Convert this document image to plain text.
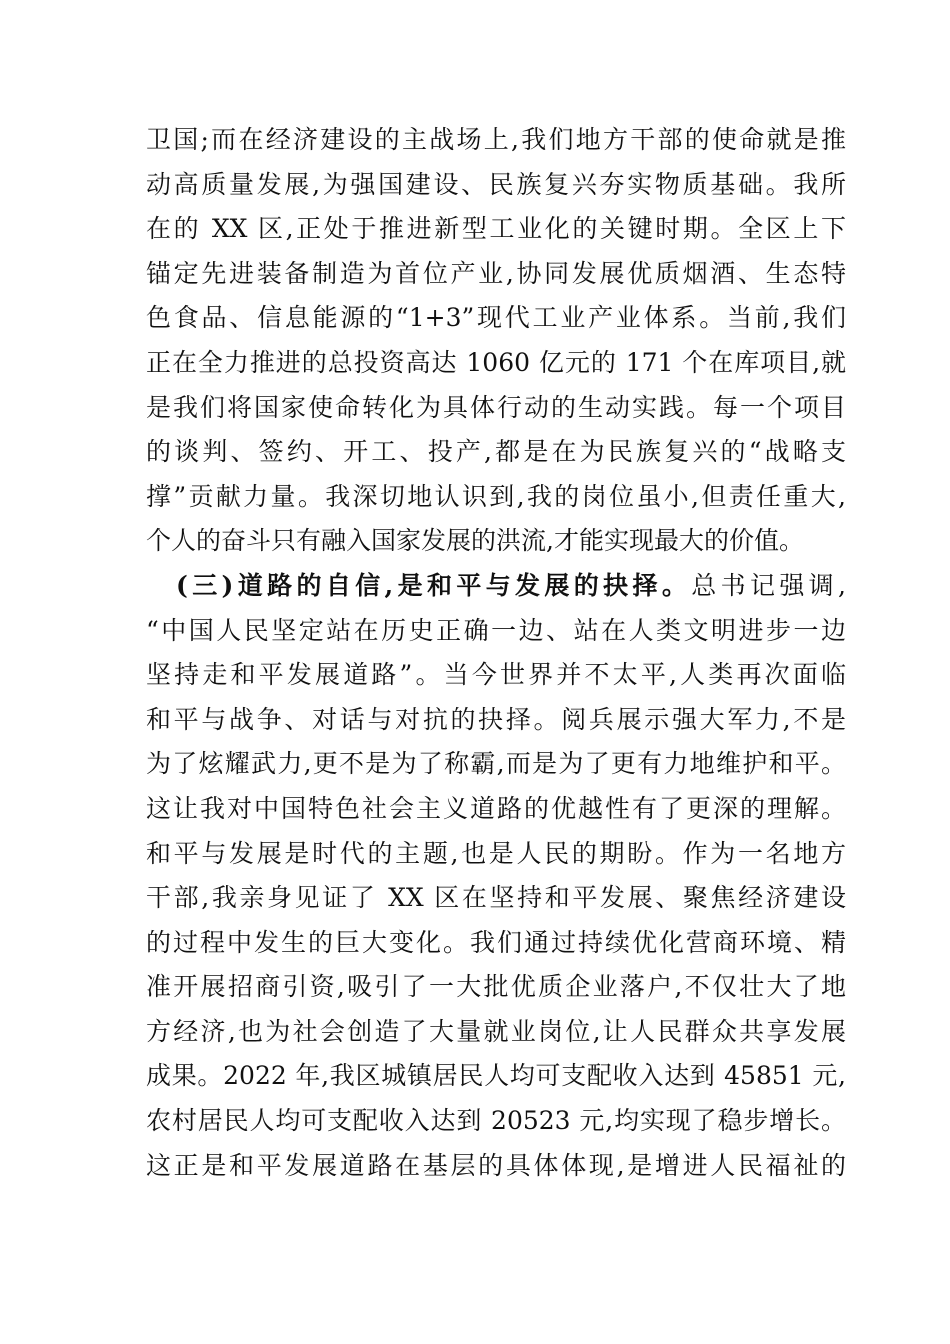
卫国;而在经济建设的主战场上,我们地方干部的使命就是推
动高质量发展,为强国建设、民族复兴夯实物质基础。我所
在的 XX 区,正处于推进新型工业化的关键时期。全区上下
锚定先进装备制造为首位产业,协同发展优质烟酒、生态特
色食品、信息能源的“1+3”现代工业产业体系。当前,我们
正在全力推进的总投资高达 1060 亿元的 171 个在库项目,就
是我们将国家使命转化为具体行动的生动实践。每一个项目
的谈判、签约、开工、投产,都是在为民族复兴的“战略支
撑”贡献力量。我深切地认识到,我的岗位虽小,但责任重大,
个人的奋斗只有融入国家发展的洪流,才能实现最大的价值。
(三)道路的自信,是和平与发展的抉择。总书记强调,
“中国人民坚定站在历史正确一边、站在人类文明进步一边
坚持走和平发展道路”。当今世界并不太平,人类再次面临
和平与战争、对话与对抗的抉择。阅兵展示强大军力,不是
为了炫耀武力,更不是为了称霸,而是为了更有力地维护和平。
这让我对中国特色社会主义道路的优越性有了更深的理解。
和平与发展是时代的主题,也是人民的期盼。作为一名地方
干部,我亲身见证了 XX 区在坚持和平发展、聚焦经济建设
的过程中发生的巨大变化。我们通过持续优化营商环境、精
准开展招商引资,吸引了一大批优质企业落户,不仅壮大了地
方经济,也为社会创造了大量就业岗位,让人民群众共享发展
成果。2022 年,我区城镇居民人均可支配收入达到 45851 元,
农村居民人均可支配收入达到 20523 元,均实现了稳步增长。
这正是和平发展道路在基层的具体体现,是增进人民福祉的
